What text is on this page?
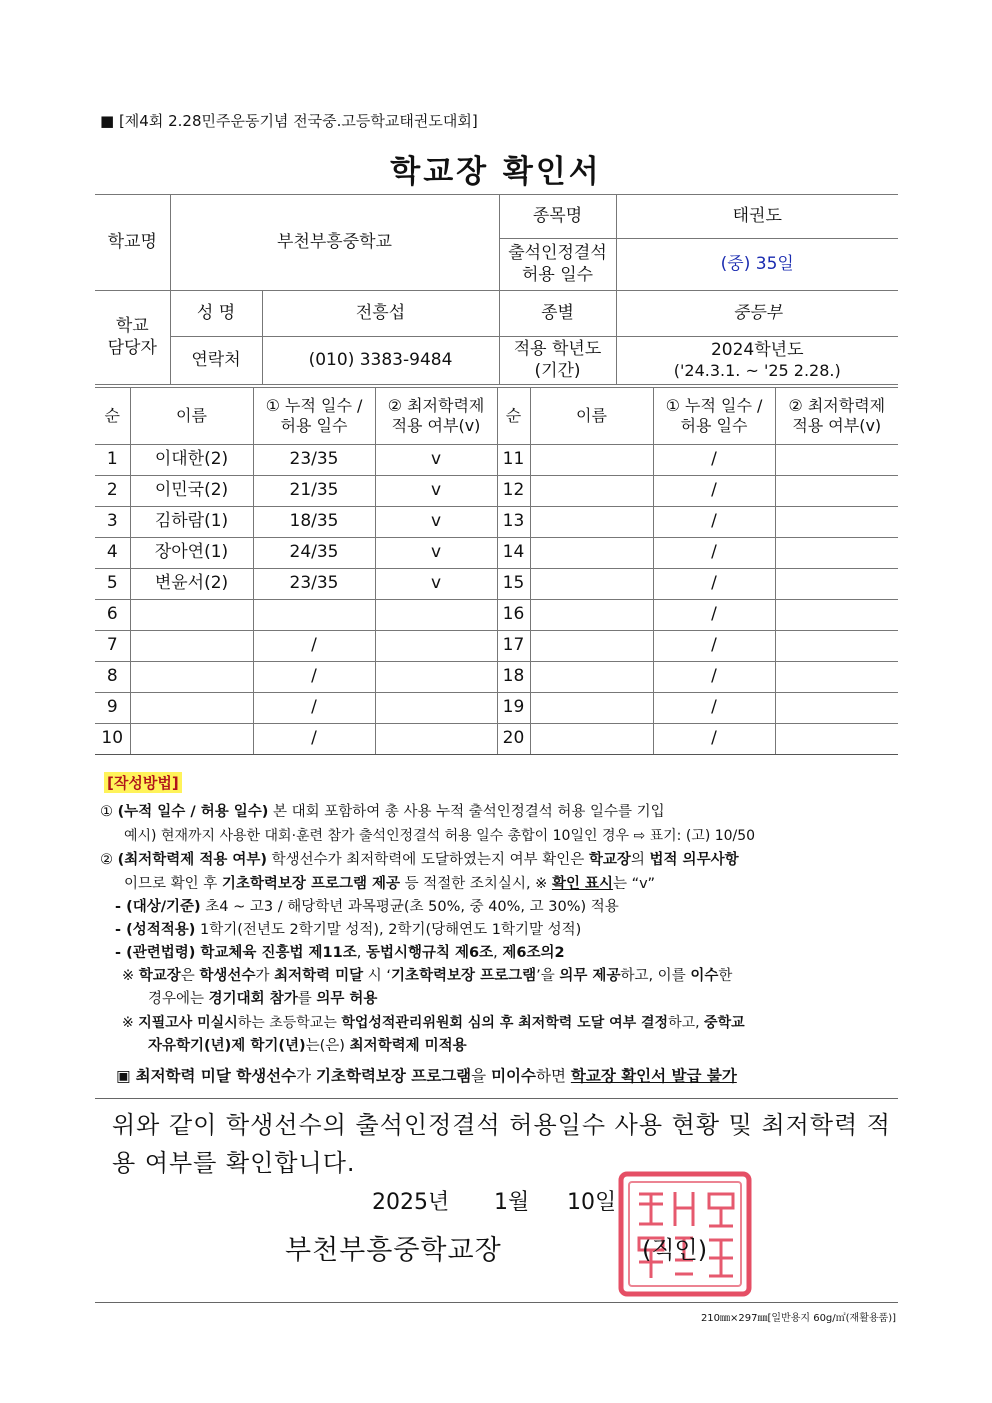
■ [제4회 2.28민주운동기념 전국중.고등학교태권도대회]
학교장 확인서
학교명	부천부흥중학교		종목명	태권도
			출석인정결석 허용 일수	(중) 35일
학교 담당자	성 명	전흥섭	종별	중등부
	연락처	(010) 3383-9484	적용 학년도 (기간)	2024학년도
('24.3.1. ~ '25 2.28.)
순	이름	① 누적 일수 / 허용 일수	② 최저학력제 적용 여부(v)	순	이름	① 누적 일수 / 허용 일수	② 최저학력제 적용 여부(v)
1	이대한(2)	23/35	v	11		/	
2	이민국(2)	21/35	v	12		/	
3	김하람(1)	18/35	v	13		/	
4	장아연(1)	24/35	v	14		/	
5	변윤서(2)	23/35	v	15		/	
6				16		/	
7		/		17		/	
8		/		18		/	
9		/		19		/	
10		/		20		/	
[작성방법]
① (누적 일수 / 허용 일수) 본 대회 포함하여 총 사용 누적 출석인정결석 허용 일수를 기입
예시) 현재까지 사용한 대회·훈련 참가 출석인정결석 허용 일수 총합이 10일인 경우 ⇨ 표기: (고) 10/50
② (최저학력제 적용 여부) 학생선수가 최저학력에 도달하였는지 여부 확인은 학교장의 법적 의무사항
이므로 확인 후 기초학력보장 프로그램 제공 등 적절한 조치실시, ※ 확인 표시는 “v”
- (대상/기준) 초4 ~ 고3 / 해당학년 과목평균(초 50%, 중 40%, 고 30%) 적용
- (성적적용) 1학기(전년도 2학기말 성적), 2학기(당해연도 1학기말 성적)
- (관련법령) 학교체육 진흥법 제11조, 동법시행규칙 제6조, 제6조의2
※ 학교장은 학생선수가 최저학력 미달 시 ‘기초학력보장 프로그램’을 의무 제공하고, 이를 이수한
경우에는 경기대회 참가를 의무 허용
※ 지필고사 미실시하는 초등학교는 학업성적관리위원회 심의 후 최저학력 도달 여부 결정하고, 중학교
자유학기(년)제 학기(년)는(은) 최저학력제 미적용
▣ 최저학력 미달 학생선수가 기초학력보장 프로그램을 미이수하면 학교장 확인서 발급 불가
위와 같이 학생선수의 출석인정결석 허용일수 사용 현황 및 최저학력 적용 여부를 확인합니다.
2025년 1월 10일
부천부흥중학교장	(직인)
210㎜×297㎜[일반용지 60g/㎡(재활용품)]
